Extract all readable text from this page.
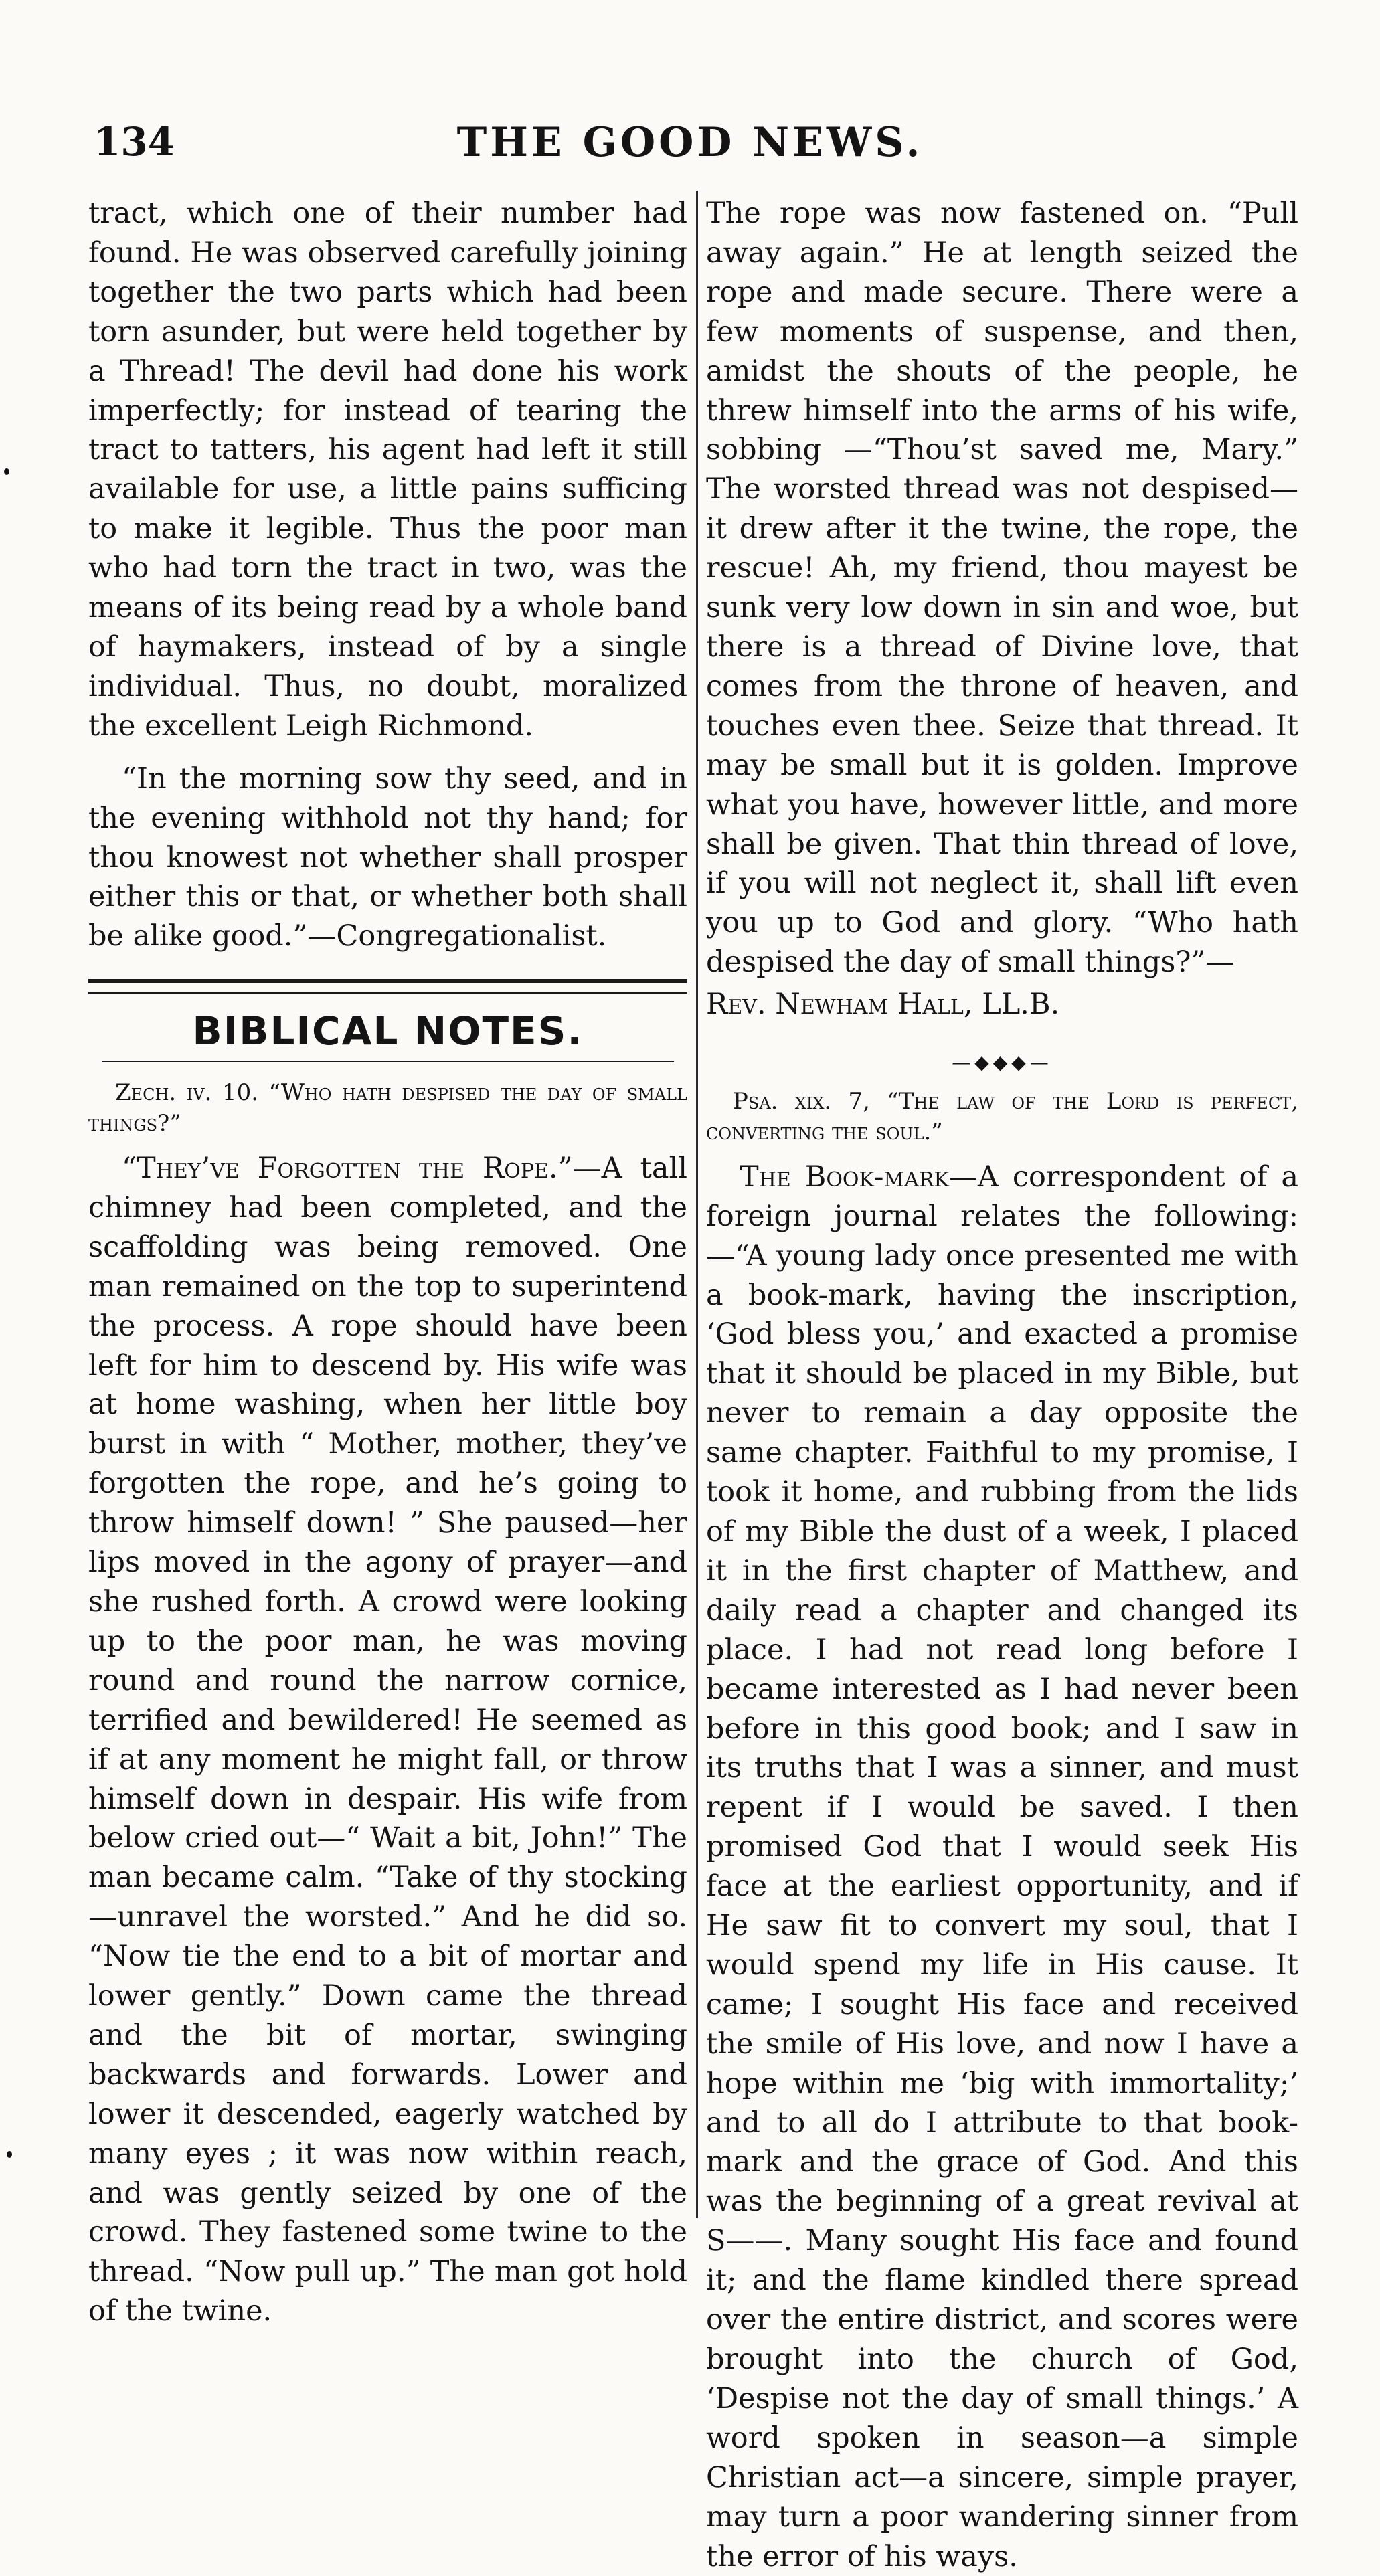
134	THE GOOD NEWS.

tract, which one of their number had found. He was observed carefully joining together the two parts which had been torn asunder, but were held together by a Thread! The devil had done his work imperfectly; for instead of tearing the tract to tatters, his agent had left it still available for use, a little pains sufficing to make it legible. Thus the poor man who had torn the tract in two, was the means of its being read by a whole band of haymakers, instead of by a single individual. Thus, no doubt, moralized the excellent Leigh Richmond.

“In the morning sow thy seed, and in the evening withhold not thy hand; for thou knowest not whether shall prosper either this or that, or whether both shall be alike good.”—Congregationalist.

BIBLICAL NOTES.

Zech. iv. 10. “Who hath despised the day of small things?”

“They’ve Forgotten the Rope.”—A tall chimney had been completed, and the scaffolding was being removed. One man remained on the top to superintend the process. A rope should have been left for him to descend by. His wife was at home washing, when her little boy burst in with “ Mother, mother, they’ve forgotten the rope, and he’s going to throw himself down! ” She paused—her lips moved in the agony of prayer—and she rushed forth. A crowd were looking up to the poor man, he was moving round and round the narrow cornice, terrified and bewildered! He seemed as if at any moment he might fall, or throw himself down in despair. His wife from below cried out—“ Wait a bit, John!” The man became calm. “Take of thy stocking—unravel the worsted.” And he did so. “Now tie the end to a bit of mortar and lower gently.” Down came the thread and the bit of mortar, swinging backwards and forwards. Lower and lower it descended, eagerly watched by many eyes ; it was now within reach, and was gently seized by one of the crowd. They fastened some twine to the thread. “Now pull up.” The man got hold of the twine.

The rope was now fastened on. “Pull away again.” He at length seized the rope and made secure. There were a few moments of suspense, and then, amidst the shouts of the people, he threw himself into the arms of his wife, sobbing —“Thou’st saved me, Mary.” The worsted thread was not despised—it drew after it the twine, the rope, the rescue! Ah, my friend, thou mayest be sunk very low down in sin and woe, but there is a thread of Divine love, that comes from the throne of heaven, and touches even thee. Seize that thread. It may be small but it is golden. Improve what you have, however little, and more shall be given. That thin thread of love, if you will not neglect it, shall lift even you up to God and glory. “Who hath despised the day of small things?”—

Rev. Newham Hall, LL.B.

—◆◆◆—

Psa. xix. 7, “The law of the Lord is perfect, converting the soul.”

The Book-mark—A correspondent of a foreign journal relates the following:—“A young lady once presented me with a book-mark, having the inscription, ‘God bless you,’ and exacted a promise that it should be placed in my Bible, but never to remain a day opposite the same chapter. Faithful to my promise, I took it home, and rubbing from the lids of my Bible the dust of a week, I placed it in the first chapter of Matthew, and daily read a chapter and changed its place. I had not read long before I became interested as I had never been before in this good book; and I saw in its truths that I was a sinner, and must repent if I would be saved. I then promised God that I would seek His face at the earliest opportunity, and if He saw fit to convert my soul, that I would spend my life in His cause. It came; I sought His face and received the smile of His love, and now I have a hope within me ‘big with immortality;’ and to all do I attribute to that book-mark and the grace of God. And this was the beginning of a great revival at S——. Many sought His face and found it; and the flame kindled there spread over the entire district, and scores were brought into the church of God, ‘Despise not the day of small things.’ A word spoken in season—a simple Christian act—a sincere, simple prayer, may turn a poor wandering sinner from the error of his ways.
